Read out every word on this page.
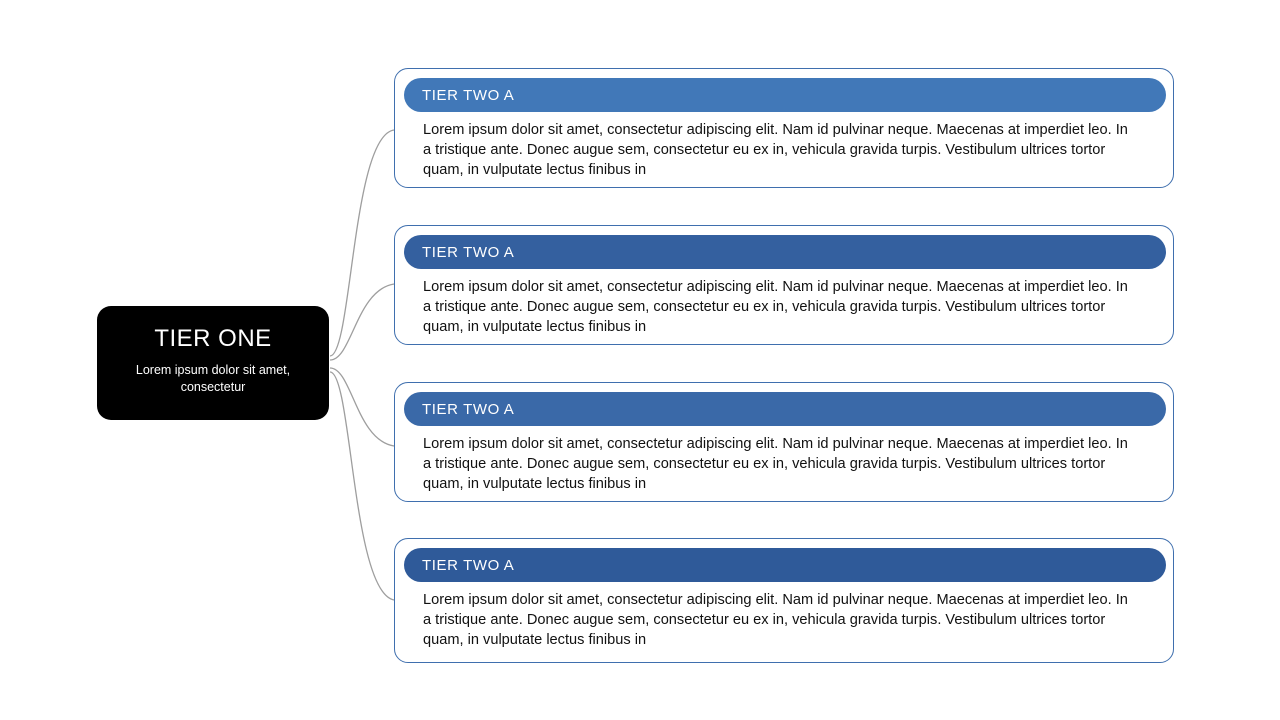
TIER ONE
Lorem ipsum dolor sit amet, consectetur
TIER TWO A
Lorem ipsum dolor sit amet, consectetur adipiscing elit. Nam id pulvinar neque. Maecenas at imperdiet leo. In a tristique ante. Donec augue sem, consectetur eu ex in, vehicula gravida turpis. Vestibulum ultrices tortor quam, in vulputate lectus finibus in
TIER TWO A
Lorem ipsum dolor sit amet, consectetur adipiscing elit. Nam id pulvinar neque. Maecenas at imperdiet leo. In a tristique ante. Donec augue sem, consectetur eu ex in, vehicula gravida turpis. Vestibulum ultrices tortor quam, in vulputate lectus finibus in
TIER TWO A
Lorem ipsum dolor sit amet, consectetur adipiscing elit. Nam id pulvinar neque. Maecenas at imperdiet leo. In a tristique ante. Donec augue sem, consectetur eu ex in, vehicula gravida turpis. Vestibulum ultrices tortor quam, in vulputate lectus finibus in
TIER TWO A
Lorem ipsum dolor sit amet, consectetur adipiscing elit. Nam id pulvinar neque. Maecenas at imperdiet leo. In a tristique ante. Donec augue sem, consectetur eu ex in, vehicula gravida turpis. Vestibulum ultrices tortor quam, in vulputate lectus finibus in
